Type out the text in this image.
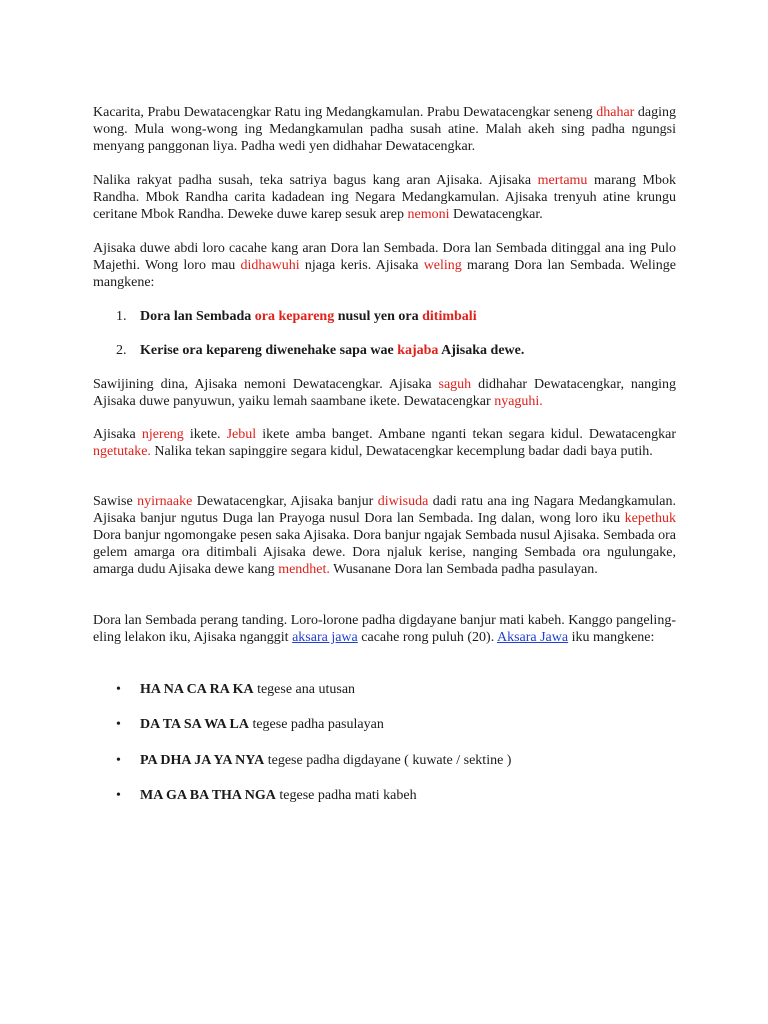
Kacarita, Prabu Dewatacengkar Ratu ing Medangkamulan. Prabu Dewatacengkar seneng dhahar daging wong. Mula wong-wong ing Medangkamulan padha susah atine. Malah akeh sing padha ngungsi menyang panggonan liya. Padha wedi yen didhahar Dewatacengkar.

Nalika rakyat padha susah, teka satriya bagus kang aran Ajisaka. Ajisaka mertamu marang Mbok Randha. Mbok Randha carita kadadean ing Negara Medangkamulan. Ajisaka trenyuh atine krungu ceritane Mbok Randha. Deweke duwe karep sesuk arep nemoni Dewatacengkar.

Ajisaka duwe abdi loro cacahe kang aran Dora lan Sembada. Dora lan Sembada ditinggal ana ing Pulo Majethi. Wong loro mau didhawuhi njaga keris. Ajisaka weling marang Dora lan Sembada. Welinge mangkene:

1. Dora lan Sembada ora kepareng nusul yen ora ditimbali
2. Kerise ora kepareng diwenehake sapa wae kajaba Ajisaka dewe.

Sawijining dina, Ajisaka nemoni Dewatacengkar. Ajisaka saguh didhahar Dewatacengkar, nanging Ajisaka duwe panyuwun, yaiku lemah saambane ikete. Dewatacengkar nyaguhi.

Ajisaka njereng ikete. Jebul ikete amba banget. Ambane nganti tekan segara kidul. Dewatacengkar ngetutake. Nalika tekan sapinggire segara kidul, Dewatacengkar kecemplung badar dadi baya putih.

Sawise nyirnaake Dewatacengkar, Ajisaka banjur diwisuda dadi ratu ana ing Nagara Medangkamulan. Ajisaka banjur ngutus Duga lan Prayoga nusul Dora lan Sembada. Ing dalan, wong loro iku kepethuk Dora banjur ngomongake pesen saka Ajisaka. Dora banjur ngajak Sembada nusul Ajisaka. Sembada ora gelem amarga ora ditimbali Ajisaka dewe. Dora njaluk kerise, nanging Sembada ora ngulungake, amarga dudu Ajisaka dewe kang mendhet. Wusanane Dora lan Sembada padha pasulayan.

Dora lan Sembada perang tanding. Loro-lorone padha digdayane banjur mati kabeh. Kanggo pangeling-eling lelakon iku, Ajisaka nganggit aksara jawa cacahe rong puluh (20). Aksara Jawa iku mangkene:

• HA NA CA RA KA tegese ana utusan
• DA TA SA WA LA tegese padha pasulayan
• PA DHA JA YA NYA tegese padha digdayane ( kuwate / sektine )
• MA GA BA THA NGA tegese padha mati kabeh
